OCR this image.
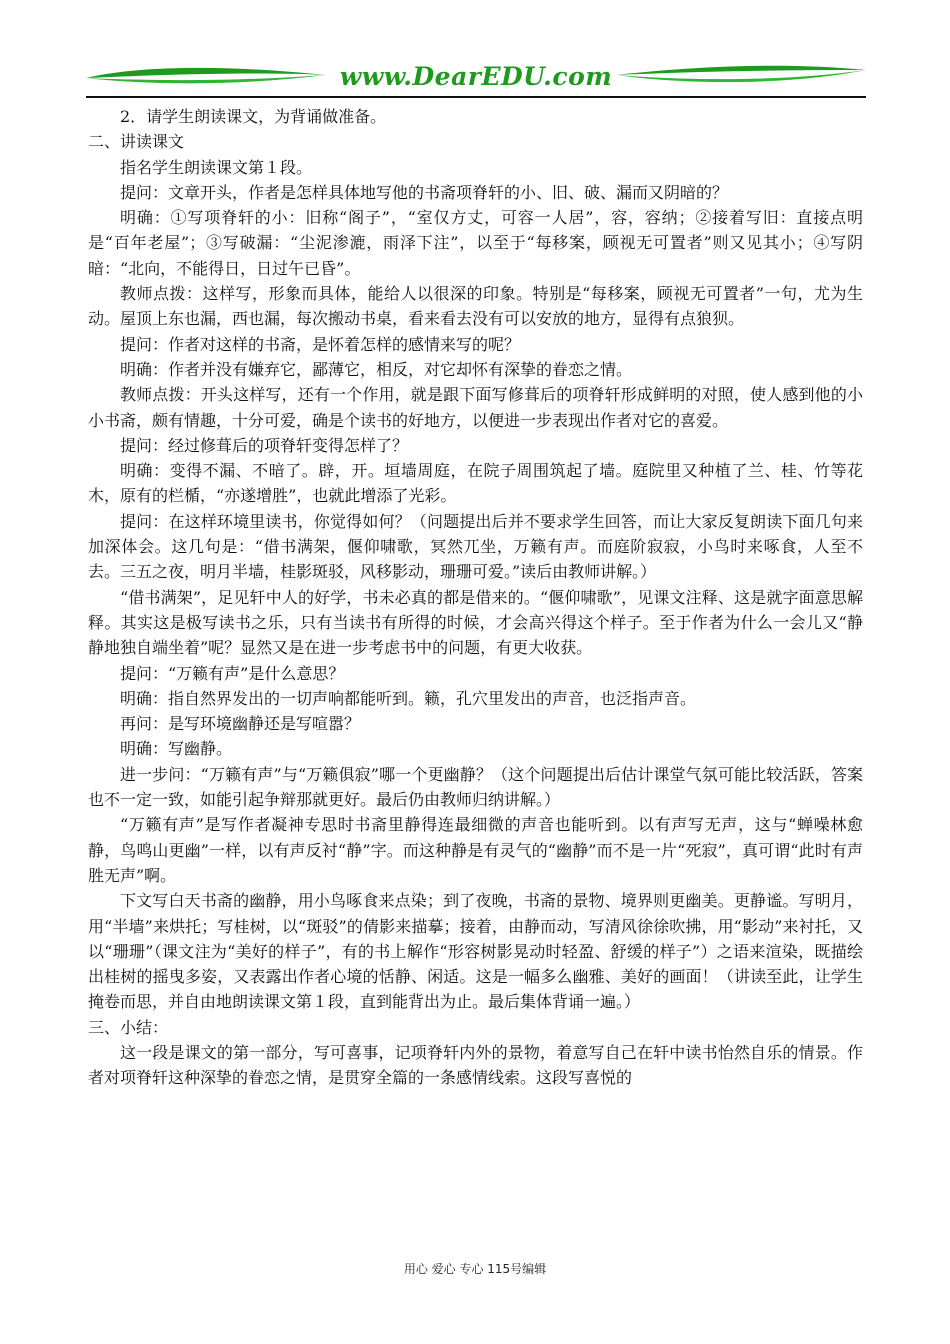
www.DearEDU.com

2．请学生朗读课文，为背诵做准备。

二、讲读课文

指名学生朗读课文第１段。

提问：文章开头，作者是怎样具体地写他的书斋项脊轩的小、旧、破、漏而又阴暗的？

明确：①写项脊轩的小：旧称“阁子”，“室仅方丈，可容一人居”，容，容纳；②接着写旧：直接点明是“百年老屋”；③写破漏：“尘泥渗漉，雨泽下注”，以至于“每移案，顾视无可置者”则又见其小；④写阴暗：“北向，不能得日，日过午已昏”。

教师点拨：这样写，形象而具体，能给人以很深的印象。特别是“每移案，顾视无可置者”一句，尤为生动。屋顶上东也漏，西也漏，每次搬动书桌，看来看去没有可以安放的地方，显得有点狼狈。

提问：作者对这样的书斋，是怀着怎样的感情来写的呢？

明确：作者并没有嫌弃它，鄙薄它，相反，对它却怀有深挚的眷恋之情。

教师点拨：开头这样写，还有一个作用，就是跟下面写修葺后的项脊轩形成鲜明的对照，使人感到他的小小书斋，颇有情趣，十分可爱，确是个读书的好地方，以便进一步表现出作者对它的喜爱。

提问：经过修葺后的项脊轩变得怎样了？

明确：变得不漏、不暗了。辟，开。垣墙周庭，在院子周围筑起了墙。庭院里又种植了兰、桂、竹等花木，原有的栏楯，“亦遂增胜”，也就此增添了光彩。

提问：在这样环境里读书，你觉得如何？（问题提出后并不要求学生回答，而让大家反复朗读下面几句来加深体会。这几句是：“借书满架，偃仰啸歌，冥然兀坐，万籁有声。而庭阶寂寂，小鸟时来啄食，人至不去。三五之夜，明月半墙，桂影斑驳，风移影动，珊珊可爱。”读后由教师讲解。）

“借书满架”，足见轩中人的好学，书未必真的都是借来的。“偃仰啸歌”，见课文注释、这是就字面意思解释。其实这是极写读书之乐，只有当读书有所得的时候，才会高兴得这个样子。至于作者为什么一会儿又“静静地独自端坐着”呢？显然又是在进一步考虑书中的问题，有更大收获。

提问：“万籁有声”是什么意思？

明确：指自然界发出的一切声响都能听到。籁，孔穴里发出的声音，也泛指声音。

再问：是写环境幽静还是写喧嚣？

明确：写幽静。

进一步问：“万籁有声”与“万籁俱寂”哪一个更幽静？（这个问题提出后估计课堂气氛可能比较活跃，答案也不一定一致，如能引起争辩那就更好。最后仍由教师归纳讲解。）

“万籁有声”是写作者凝神专思时书斋里静得连最细微的声音也能听到。以有声写无声，这与“蝉噪林愈静，鸟鸣山更幽”一样，以有声反衬“静”字。而这种静是有灵气的“幽静”而不是一片“死寂”，真可谓“此时有声胜无声”啊。

下文写白天书斋的幽静，用小鸟啄食来点染；到了夜晚，书斋的景物、境界则更幽美。更静谧。写明月，用“半墙”来烘托；写桂树，以“斑驳”的倩影来描摹；接着，由静而动，写清风徐徐吹拂，用“影动”来衬托，又以“珊珊”（课文注为“美好的样子”，有的书上解作“形容树影晃动时轻盈、舒缓的样子”）之语来渲染，既描绘出桂树的摇曳多姿，又表露出作者心境的恬静、闲适。这是一幅多么幽雅、美好的画面！（讲读至此，让学生掩卷而思，并自由地朗读课文第１段，直到能背出为止。最后集体背诵一遍。）

三、小结：

这一段是课文的第一部分，写可喜事，记项脊轩内外的景物，着意写自己在轩中读书怡然自乐的情景。作者对项脊轩这种深挚的眷恋之情，是贯穿全篇的一条感情线索。这段写喜悦的

用心 爱心 专心 115号编辑
